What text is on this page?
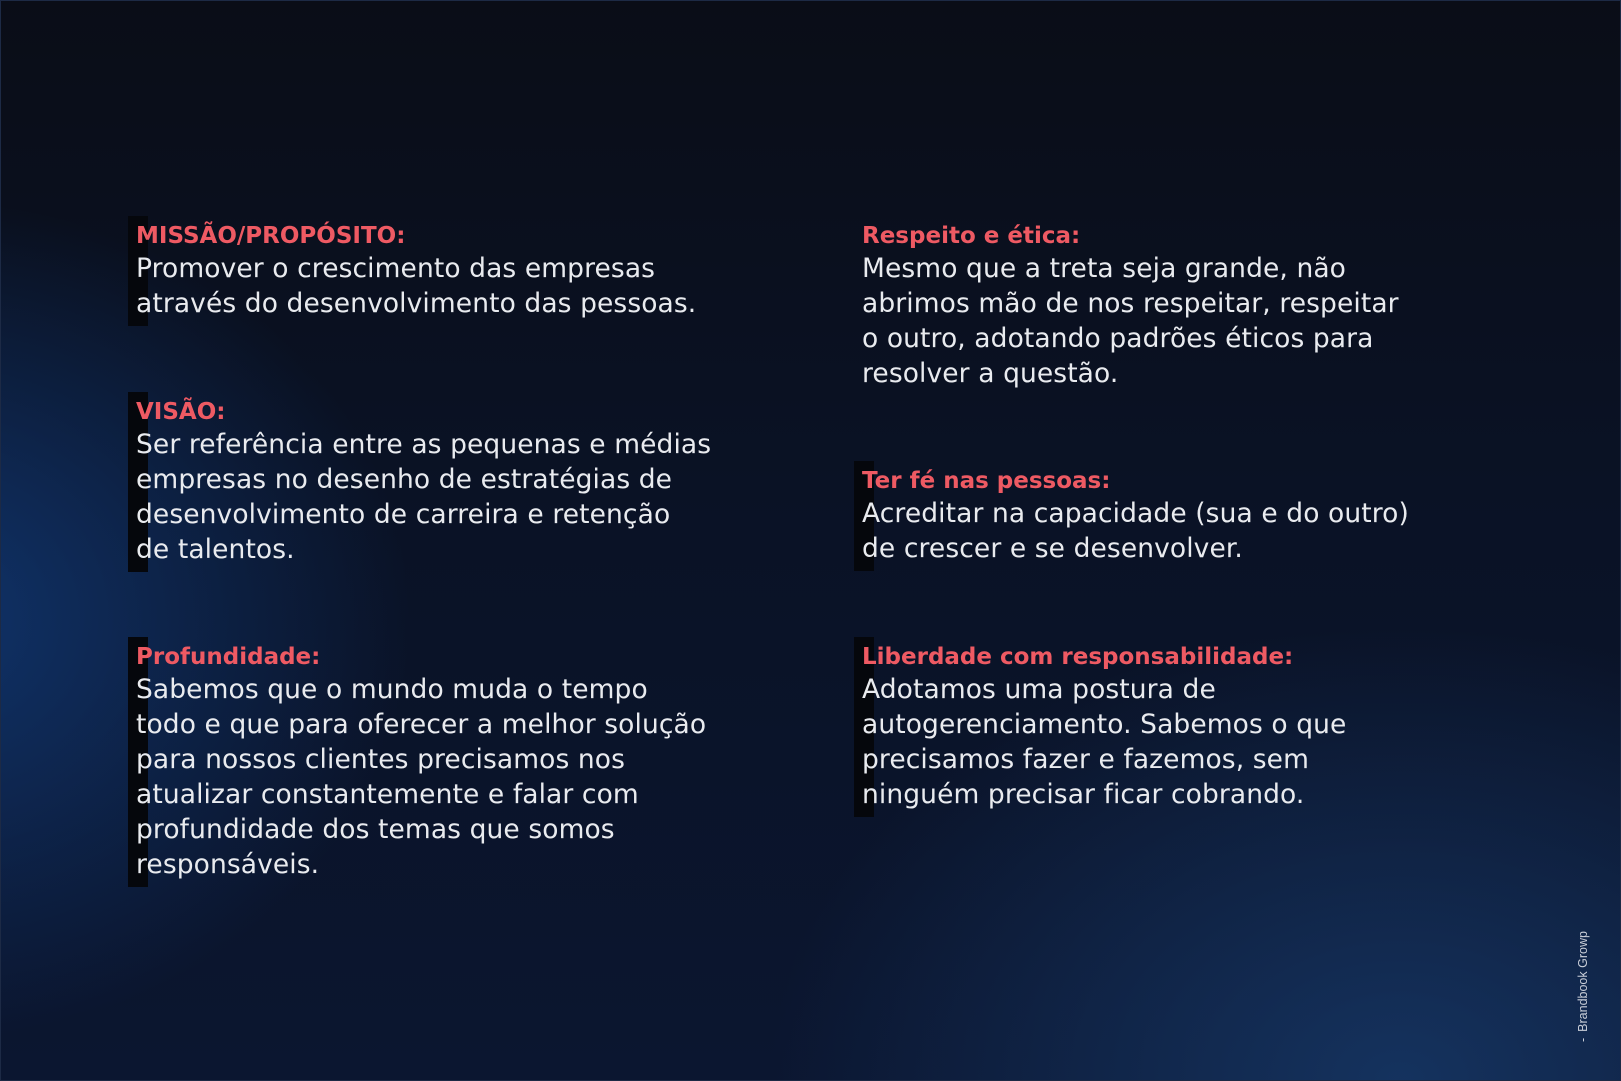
MISSÃO/PROPÓSITO:
Promover o crescimento das empresas
através do desenvolvimento das pessoas.
VISÃO:
Ser referência entre as pequenas e médias
empresas no desenho de estratégias de
desenvolvimento de carreira e retenção
de talentos.
Profundidade:
Sabemos que o mundo muda o tempo
todo e que para oferecer a melhor solução
para nossos clientes precisamos nos
atualizar constantemente e falar com
profundidade dos temas que somos
responsáveis.
Respeito e ética:
Mesmo que a treta seja grande, não
abrimos mão de nos respeitar, respeitar
o outro, adotando padrões éticos para
resolver a questão.
Ter fé nas pessoas:
Acreditar na capacidade (sua e do outro)
de crescer e se desenvolver.
Liberdade com responsabilidade:
Adotamos uma postura de
autogerenciamento. Sabemos o que
precisamos fazer e fazemos, sem
ninguém precisar ficar cobrando.
-Brandbook Growp
